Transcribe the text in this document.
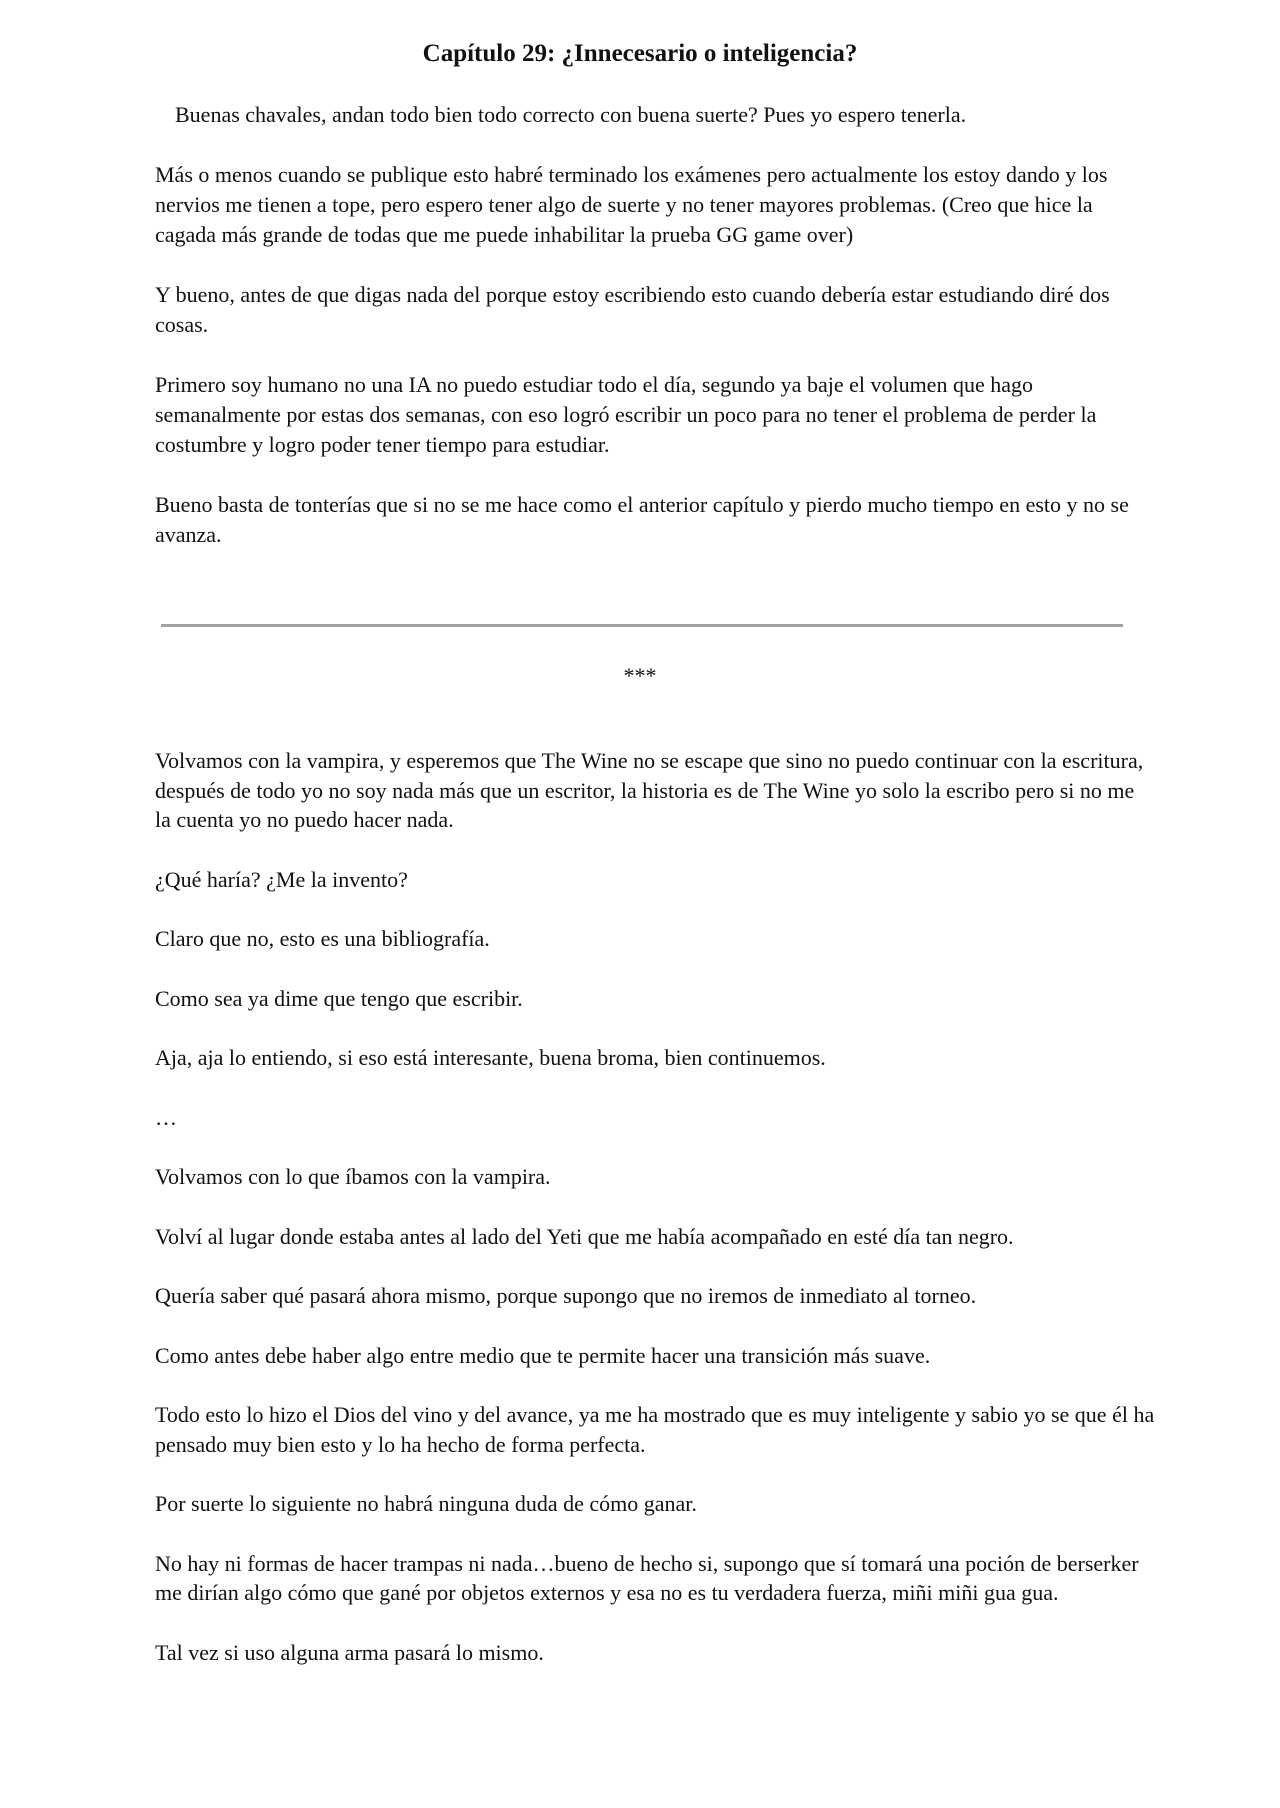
Capítulo 29: ¿Innecesario o inteligencia?

Buenas chavales, andan todo bien todo correcto con buena suerte? Pues yo espero tenerla.

Más o menos cuando se publique esto habré terminado los exámenes pero actualmente los estoy dando y los nervios me tienen a tope, pero espero tener algo de suerte y no tener mayores problemas. (Creo que hice la cagada más grande de todas que me puede inhabilitar la prueba GG game over)

Y bueno, antes de que digas nada del porque estoy escribiendo esto cuando debería estar estudiando diré dos cosas.

Primero soy humano no una IA no puedo estudiar todo el día, segundo ya baje el volumen que hago semanalmente por estas dos semanas, con eso logró escribir un poco para no tener el problema de perder la costumbre y logro poder tener tiempo para estudiar.

Bueno basta de tonterías que si no se me hace como el anterior capítulo y pierdo mucho tiempo en esto y no se avanza.

***

Volvamos con la vampira, y esperemos que The Wine no se escape que sino no puedo continuar con la escritura, después de todo yo no soy nada más que un escritor, la historia es de The Wine yo solo la escribo pero si no me la cuenta yo no puedo hacer nada.

¿Qué haría? ¿Me la invento?

Claro que no, esto es una bibliografía.

Como sea ya dime que tengo que escribir.

Aja, aja lo entiendo, si eso está interesante, buena broma, bien continuemos.

…

Volvamos con lo que íbamos con la vampira.

Volví al lugar donde estaba antes al lado del Yeti que me había acompañado en esté día tan negro.

Quería saber qué pasará ahora mismo, porque supongo que no iremos de inmediato al torneo.

Como antes debe haber algo entre medio que te permite hacer una transición más suave.

Todo esto lo hizo el Dios del vino y del avance, ya me ha mostrado que es muy inteligente y sabio yo se que él ha pensado muy bien esto y lo ha hecho de forma perfecta.

Por suerte lo siguiente no habrá ninguna duda de cómo ganar.

No hay ni formas de hacer trampas ni nada…bueno de hecho si, supongo que sí tomará una poción de berserker me dirían algo cómo que gané por objetos externos y esa no es tu verdadera fuerza, miñi miñi gua gua.

Tal vez si uso alguna arma pasará lo mismo.
